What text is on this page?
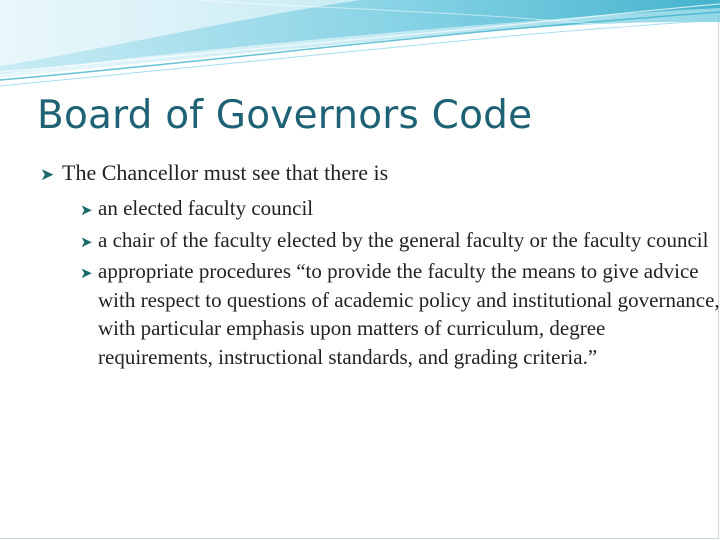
Board of Governors Code
➤ The Chancellor must see that there is
➤ an elected faculty council
➤ a chair of the faculty elected by the general faculty or the faculty council
➤ appropriate procedures “to provide the faculty the means to give advice with respect to questions of academic policy and institutional governance, with particular emphasis upon matters of curriculum, degree requirements, instructional standards, and grading criteria.”
